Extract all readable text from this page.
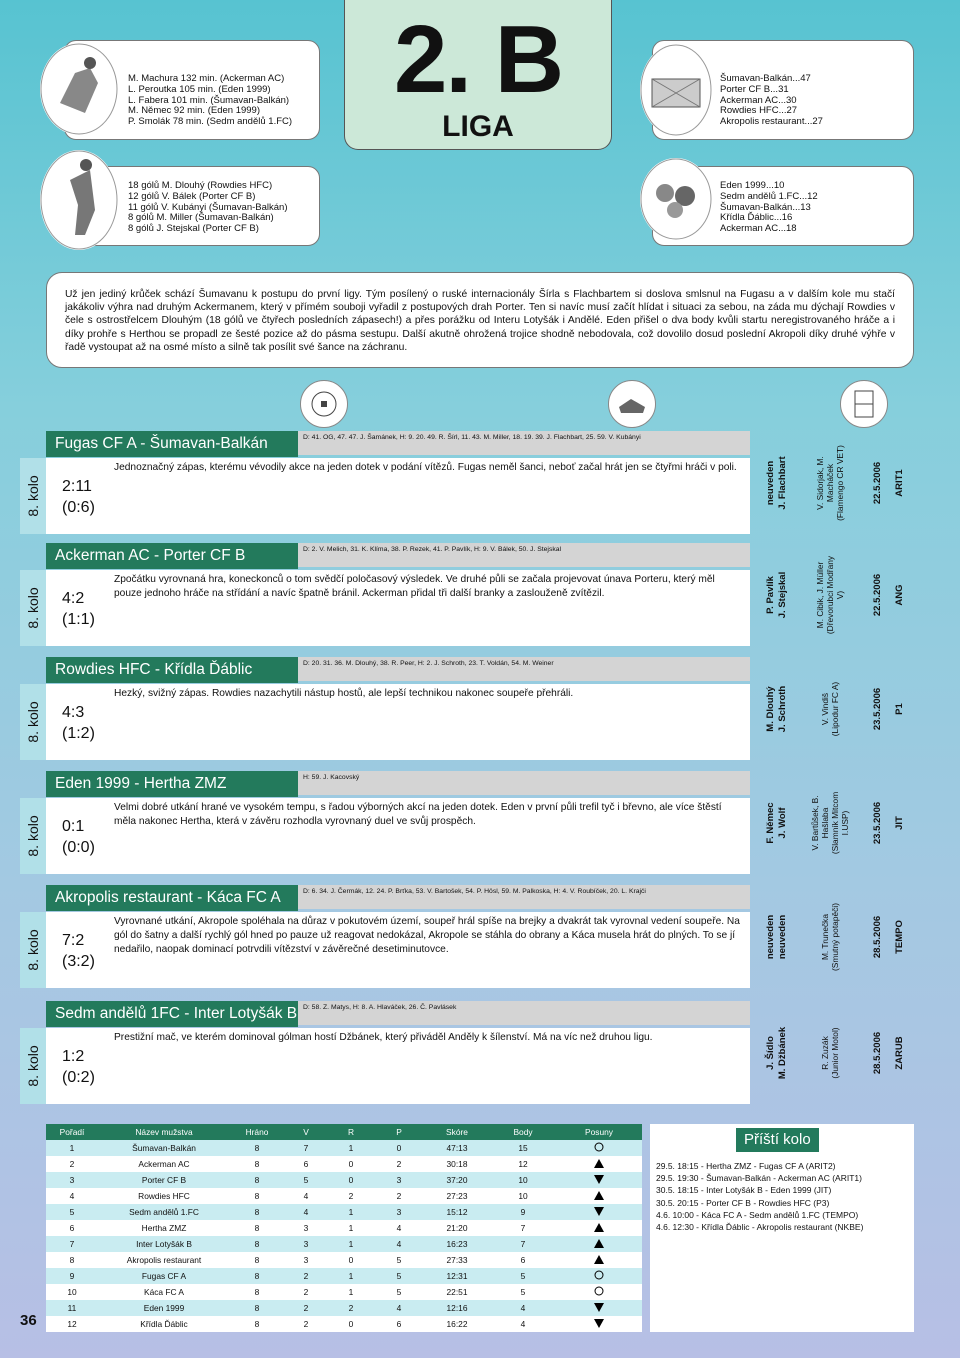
M. Machura 132 min. (Ackerman AC)
L. Peroutka 105 min. (Eden 1999)
L. Fabera 101 min. (Šumavan-Balkán)
M. Němec 92 min. (Eden 1999)
P. Smolák 78 min. (Sedm andělů 1.FC)
2. B
LIGA
Šumavan-Balkán...47
Porter CF B...31
Ackerman AC...30
Rowdies HFC...27
Akropolis restaurant...27
18 gólů M. Dlouhý (Rowdies HFC)
12 gólů V. Bálek (Porter CF B)
11 gólů V. Kubányi (Šumavan-Balkán)
8 gólů M. Miller (Šumavan-Balkán)
8 gólů J. Stejskal (Porter CF B)
Eden 1999...10
Sedm andělů 1.FC...12
Šumavan-Balkán...13
Křídla Ďáblic...16
Ackerman AC...18
Už jen jediný krůček schází Šumavanu k postupu do první ligy. Tým posílený o ruské internacionály Šírla s Flachbartem si doslova smlsnul na Fugasu a v dalším kole mu stačí jakákoliv výhra nad druhým Ackermanem, který v přímém souboji vyřadil z postupových drah Porter. Ten si navíc musí začít hlídat i situaci za sebou, na záda mu dýchají Rowdies v čele s ostrostřelcem Dlouhým (18 gólů ve čtyřech posledních zápasech!) a přes porážku od Interu Lotyšák i Andělé. Eden přišel o dva body kvůli startu neregistrovaného hráče a i díky prohře s Herthou se propadl ze šesté pozice až do pásma sestupu. Další akutně ohrožená trojice shodně nebodovala, což dovolilo dosud poslední Akropoli díky druhé výhře v řadě vystoupat až na osmé místo a silně tak posílit své šance na záchranu.
Fugas CF A - Šumavan-Balkán	D: 41. OG, 47. 47. J. Šamánek, H: 9. 20. 49. R. Šírl, 11. 43. M. Miller, 18. 19. 39. J. Flachbart, 25. 59. V. Kubányi
8. kolo 2:11
(0:6)
Jednoznačný zápas, kterému vévodily akce na jeden dotek v podání vítězů. Fugas neměl šanci, neboť začal hrát jen se čtyřmi hráči v poli.	neuveden
J. Flachbart	V. Sidorjak, M.
Macháček
(Flamengo CR VET)	22.5.2006 ARIT1
Ackerman AC - Porter CF B	D: 2. V. Melich, 31. K. Klíma, 38. P. Rezek, 41. P. Pavlík, H: 9. V. Bálek, 50. J. Stejskal
8. kolo 4:2
(1:1)
Zpočátku vyrovnaná hra, koneckonců o tom svědčí poločasový výsledek. Ve druhé půli se začala projevovat únava Porteru, který měl pouze jednoho hráče na střídání a navíc špatně bránil. Ackerman přidal tři další branky a zaslouženě zvítězil.	P. Pavlík
J. Stejskal	M. Cibik, J. Müller
(Dřevorubci Modřany
V)	22.5.2006 ANG
Rowdies HFC - Křídla Ďáblic	D: 20. 31. 36. M. Dlouhý, 38. R. Peer, H: 2. J. Schroth, 23. T. Voldán, 54. M. Weiner
8. kolo 4:3
(1:2)
Hezký, svižný zápas. Rowdies nazachytili nástup hostů, ale lepší technikou nakonec soupeře přehráli.	M. Dlouhý
J. Schroth	V. Vindiš
(Lipodur FC A)	23.5.2006 P1
Eden 1999 - Hertha ZMZ	H: 59. J. Kacovský
8. kolo 0:1
(0:0)
Velmi dobré utkání hrané ve vysokém tempu, s řadou výborných akcí na jeden dotek. Eden v první půli trefil tyč i břevno, ale více štěstí měla nakonec Hertha, která v závěru rozhodla vyrovnaný duel ve svůj prospěch.	F. Němec
J. Wolf	V. Bartůšek, B.
Hašlaba
(Slamník Mitcom
I.USP) 23.5.2006 JIT
Akropolis restaurant - Káca FC A	D: 6. 34. J. Čermák, 12. 24. P. Brťka, 53. V. Bartošek, 54. P. Hösl, 59. M. Palkoska, H: 4. V. Roubíček, 20. L. Krajči
8. kolo 7:2
(3:2)
Vyrovnané utkání, Akropole spoléhala na důraz v pokutovém území, soupeř hrál spíše na brejky a dvakrát tak vyrovnal vedení soupeře. Na gól do šatny a další rychlý gól hned po pauze už reagovat nedokázal, Akropole se stáhla do obrany a Káca musela hrát do plných. To se jí nedařilo, naopak dominací potrvdili vítězství v závěrečné desetiminutovce.	neuveden
neuveden	M. Trunečka
(Smutný potapěči)	28.5.2006 TEMPO
Sedm andělů 1FC - Inter Lotyšák B D: 58. Z. Matys, H: 8. A. Hlaváček, 26. Č. Pavlásek
8. kolo 1:2
(0:2)
Prestižní mač, ve kterém dominoval gólman hostí Džbánek, který přiváděl Anděly k šílenství. Má na víc než druhou ligu.	J. Šídlo
M. Džbánek	R. Zuzák
(Junior Motol)	28.5.2006 ZARUB
Pořadí	Název mužstva	Hráno	V	R	P	Skóre	Body	Posuny
1	Šumavan-Balkán	8	7	1	0	47:13	15	
2	Ackerman AC	8	6	0	2	30:18	12	
3	Porter CF B	8	5	0	3	37:20	10	
4	Rowdies HFC	8	4	2	2	27:23	10	
5	Sedm andělů 1.FC	8	4	1	3	15:12	9	
6	Hertha ZMZ	8	3	1	4	21:20	7	
7	Inter Lotyšák B	8	3	1	4	16:23	7	
8	Akropolis restaurant	8	3	0	5	27:33	6	
9	Fugas CF A	8	2	1	5	12:31	5	
10	Káca FC A	8	2	1	5	22:51	5	
11	Eden 1999	8	2	2	4	12:16	4	
12	Křídla Ďáblic	8	2	0	6	16:22	4	
Příští kolo
29.5. 18:15 - Hertha ZMZ - Fugas CF A (ARIT2)
29.5. 19:30 - Šumavan-Balkán - Ackerman AC (ARIT1)
30.5. 18:15 - Inter Lotyšák B - Eden 1999 (JIT)
30.5. 20:15 - Porter CF B - Rowdies HFC (P3)
4.6. 10:00 - Káca FC A - Sedm andělů 1.FC (TEMPO)
4.6. 12:30 - Křídla Ďáblic - Akropolis restaurant (NKBE)
36
